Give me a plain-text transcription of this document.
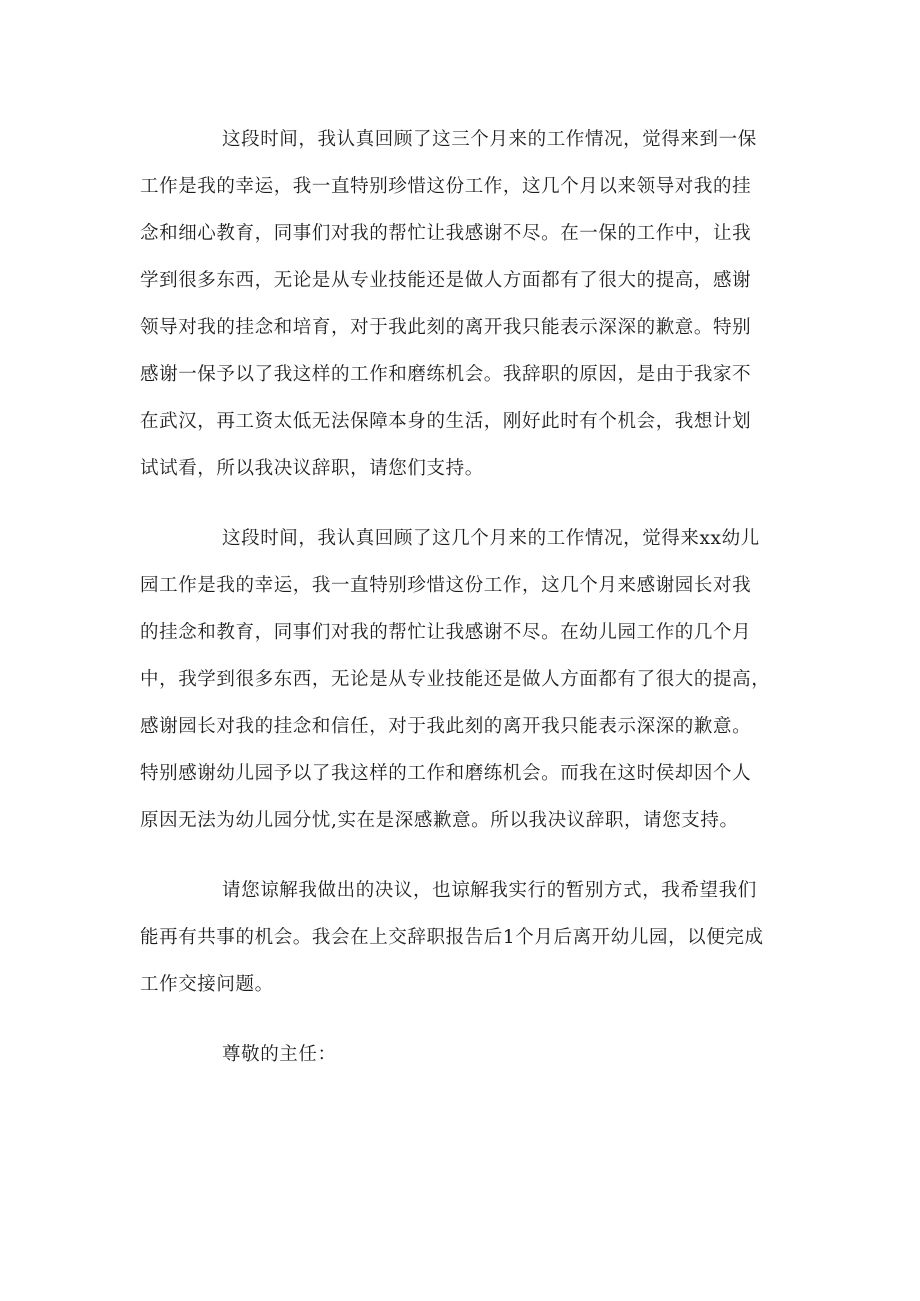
这段时间，我认真回顾了这三个月来的工作情况，觉得来到一保
工作是我的幸运，我一直特别珍惜这份工作，这几个月以来领导对我的挂
念和细心教育，同事们对我的帮忙让我感谢不尽。在一保的工作中，让我
学到很多东西，无论是从专业技能还是做人方面都有了很大的提高，感谢
领导对我的挂念和培育，对于我此刻的离开我只能表示深深的歉意。特别
感谢一保予以了我这样的工作和磨练机会。我辞职的原因，是由于我家不
在武汉，再工资太低无法保障本身的生活，刚好此时有个机会，我想计划
试试看，所以我决议辞职，请您们支持。
这段时间，我认真回顾了这几个月来的工作情况，觉得来xx幼儿
园工作是我的幸运，我一直特别珍惜这份工作，这几个月来感谢园长对我
的挂念和教育，同事们对我的帮忙让我感谢不尽。在幼儿园工作的几个月
中，我学到很多东西，无论是从专业技能还是做人方面都有了很大的提高，
感谢园长对我的挂念和信任，对于我此刻的离开我只能表示深深的歉意。
特别感谢幼儿园予以了我这样的工作和磨练机会。而我在这时侯却因个人
原因无法为幼儿园分忧,实在是深感歉意。所以我决议辞职，请您支持。
请您谅解我做出的决议，也谅解我实行的暂别方式，我希望我们
能再有共事的机会。我会在上交辞职报告后1个月后离开幼儿园，以便完成
工作交接问题。
尊敬的主任：
